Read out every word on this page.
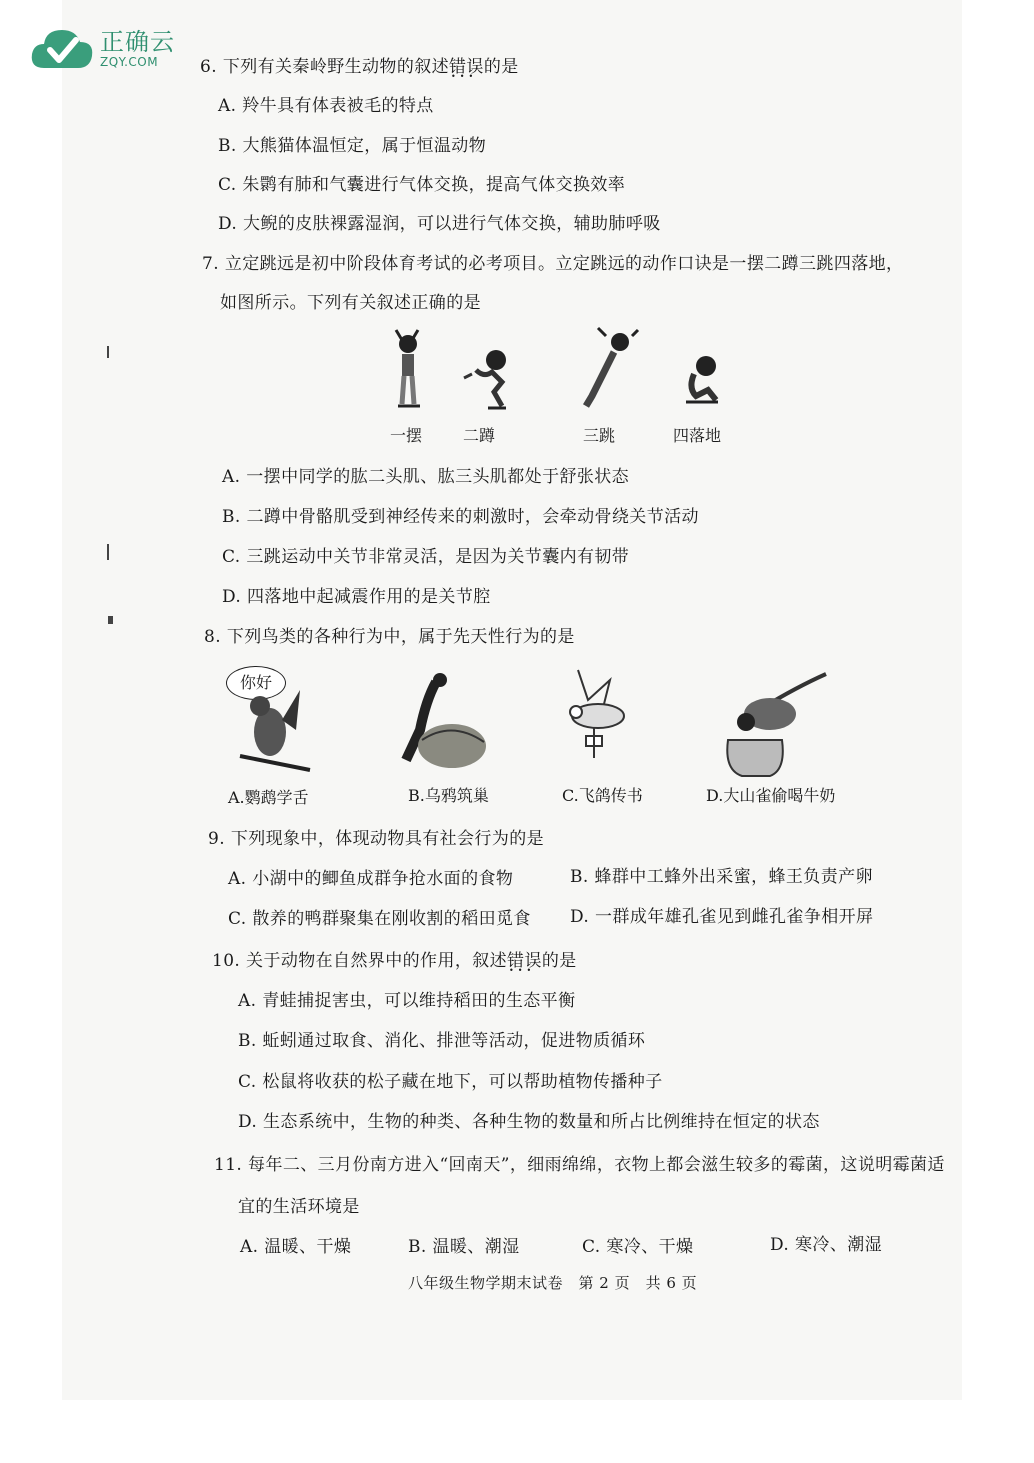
正确云
ZQY.COM	6. 下列有关秦岭野生动物的叙述错误 •••的是
A. 羚牛具有体表被毛的特点
B. 大熊猫体温恒定，属于恒温动物
C. 朱鹮有肺和气囊进行气体交换，提高气体交换效率
D. 大鲵的皮肤裸露湿润，可以进行气体交换，辅助肺呼吸
7. 立定跳远是初中阶段体育考试的必考项目。立定跳远的动作口诀是一摆二蹲三跳四落地，
如图所示。下列有关叙述正确的是
一摆	二蹲	三跳	四落地
A. 一摆中同学的肱二头肌、肱三头肌都处于舒张状态
B. 二蹲中骨骼肌受到神经传来的刺激时，会牵动骨绕关节活动
C. 三跳运动中关节非常灵活，是因为关节囊内有韧带
D. 四落地中起减震作用的是关节腔
8. 下列鸟类的各种行为中，属于先天性行为的是
你好
A.鹦鹉学舌	B.乌鸦筑巢	C.飞鸽传书	D.大山雀偷喝牛奶
9. 下列现象中，体现动物具有社会行为的是
A. 小湖中的鲫鱼成群争抢水面的食物	B. 蜂群中工蜂外出采蜜，蜂王负责产卵
C. 散养的鸭群聚集在刚收割的稻田觅食 D. 一群成年雄孔雀见到雌孔雀争相开屏
10. 关于动物在自然界中的作用，叙述错误 •••的是
A. 青蛙捕捉害虫，可以维持稻田的生态平衡
B. 蚯蚓通过取食、消化、排泄等活动，促进物质循环
C. 松鼠将收获的松子藏在地下，可以帮助植物传播种子
D. 生态系统中，生物的种类、各种生物的数量和所占比例维持在恒定的状态
11. 每年二、三月份南方进入“回南天”，细雨绵绵，衣物上都会滋生较多的霉菌，这说明霉菌适
宜的生活环境是
A. 温暖、干燥	B. 温暖、潮湿	C. 寒冷、干燥	D. 寒冷、潮湿
八年级生物学期末试卷　第 2 页　共 6 页
